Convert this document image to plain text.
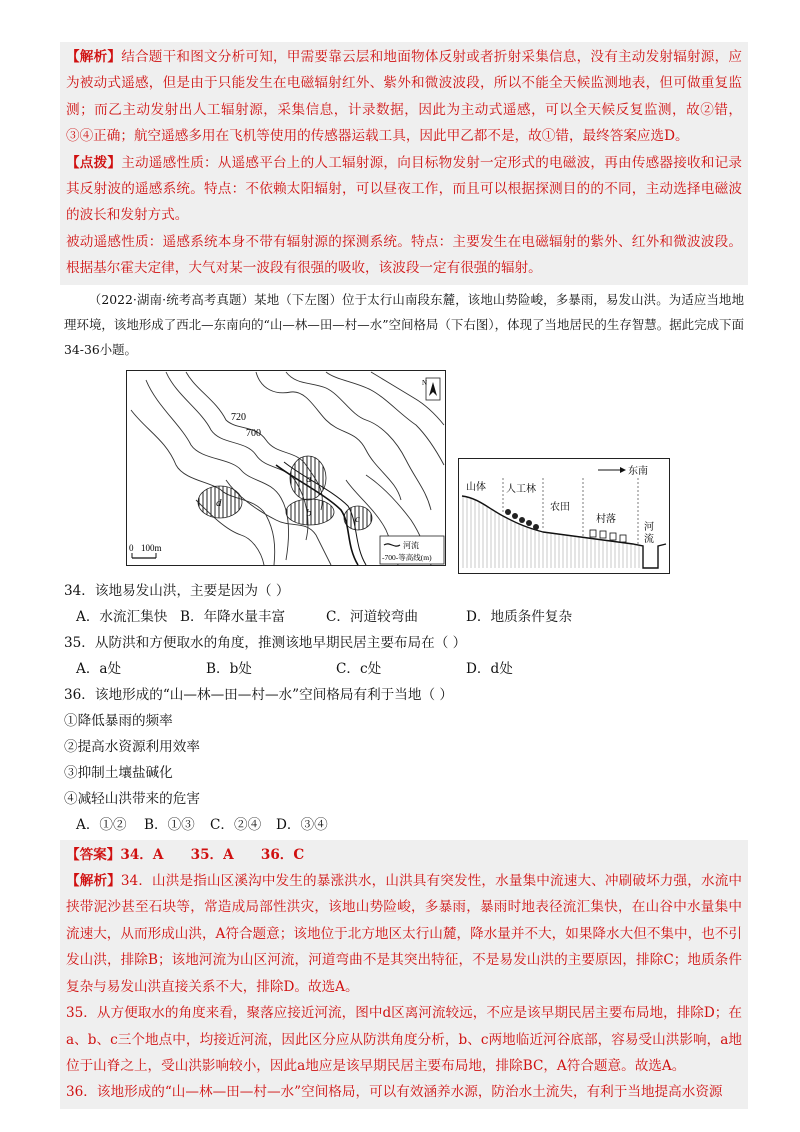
【解析】结合题干和图文分析可知，甲需要靠云层和地面物体反射或者折射采集信息，没有主动发射辐射源，应为被动式遥感，但是由于只能发生在电磁辐射红外、紫外和微波波段，所以不能全天候监测地表，但可做重复监测；而乙主动发射出人工辐射源，采集信息，计录数据，因此为主动式遥感，可以全天候反复监测，故②错，③④正确；航空遥感多用在飞机等使用的传感器运载工具，因此甲乙都不是，故①错，最终答案应选D。

【点拨】主动遥感性质：从遥感平台上的人工辐射源，向目标物发射一定形式的电磁波，再由传感器接收和记录其反射波的遥感系统。特点：不依赖太阳辐射，可以昼夜工作，而且可以根据探测目的的不同，主动选择电磁波的波长和发射方式。

被动遥感性质：遥感系统本身不带有辐射源的探测系统。特点：主要发生在电磁辐射的紫外、红外和微波波段。根据基尔霍夫定律，大气对某一波段有很强的吸收，该波段一定有很强的辐射。

（2022·湖南·统考高考真题）某地（下左图）位于太行山南段东麓，该地山势险峻，多暴雨，易发山洪。为适应当地地理环境，该地形成了西北—东南向的“山—林—田—村—水”空间格局（下右图），体现了当地居民的生存智慧。据此完成下面34-36小题。

720
700
a
d
b	c
N
0 100m	河流
-700-等高线(m)
东南
山体 人工林
农田
村落
河
流

34．该地易发山洪，主要是因为（ ）

A．水流汇集快 B．年降水量丰富	C．河道较弯曲	D．地质条件复杂

35．从防洪和方便取水的角度，推测该地早期民居主要布局在（ ）

A．a处	B．b处	C．c处	D．d处

36．该地形成的“山—林—田—村—水”空间格局有利于当地（ ）

①降低暴雨的频率

②提高水资源利用效率

③抑制土壤盐碱化

④减轻山洪带来的危害

A．①②	B．①③	C．②④	D．③④

【答案】34．A　　35．A　　36．C

【解析】34．山洪是指山区溪沟中发生的暴涨洪水，山洪具有突发性，水量集中流速大、冲刷破坏力强，水流中挟带泥沙甚至石块等，常造成局部性洪灾，该地山势险峻，多暴雨，暴雨时地表径流汇集快，在山谷中水量集中流速大，从而形成山洪，A符合题意；该地位于北方地区太行山麓，降水量并不大，如果降水大但不集中，也不引发山洪，排除B；该地河流为山区河流，河道弯曲不是其突出特征，不是易发山洪的主要原因，排除C；地质条件复杂与易发山洪直接关系不大，排除D。故选A。

35．从方便取水的角度来看，聚落应接近河流，图中d区离河流较远，不应是该早期民居主要布局地，排除D；在a、b、c三个地点中，均接近河流，因此区分应从防洪角度分析，b、c两地临近河谷底部，容易受山洪影响，a地位于山脊之上，受山洪影响较小，因此a地应是该早期民居主要布局地，排除BC，A符合题意。故选A。

36．该地形成的“山—林—田—村—水”空间格局，可以有效涵养水源，防治水土流失，有利于当地提高水资源
